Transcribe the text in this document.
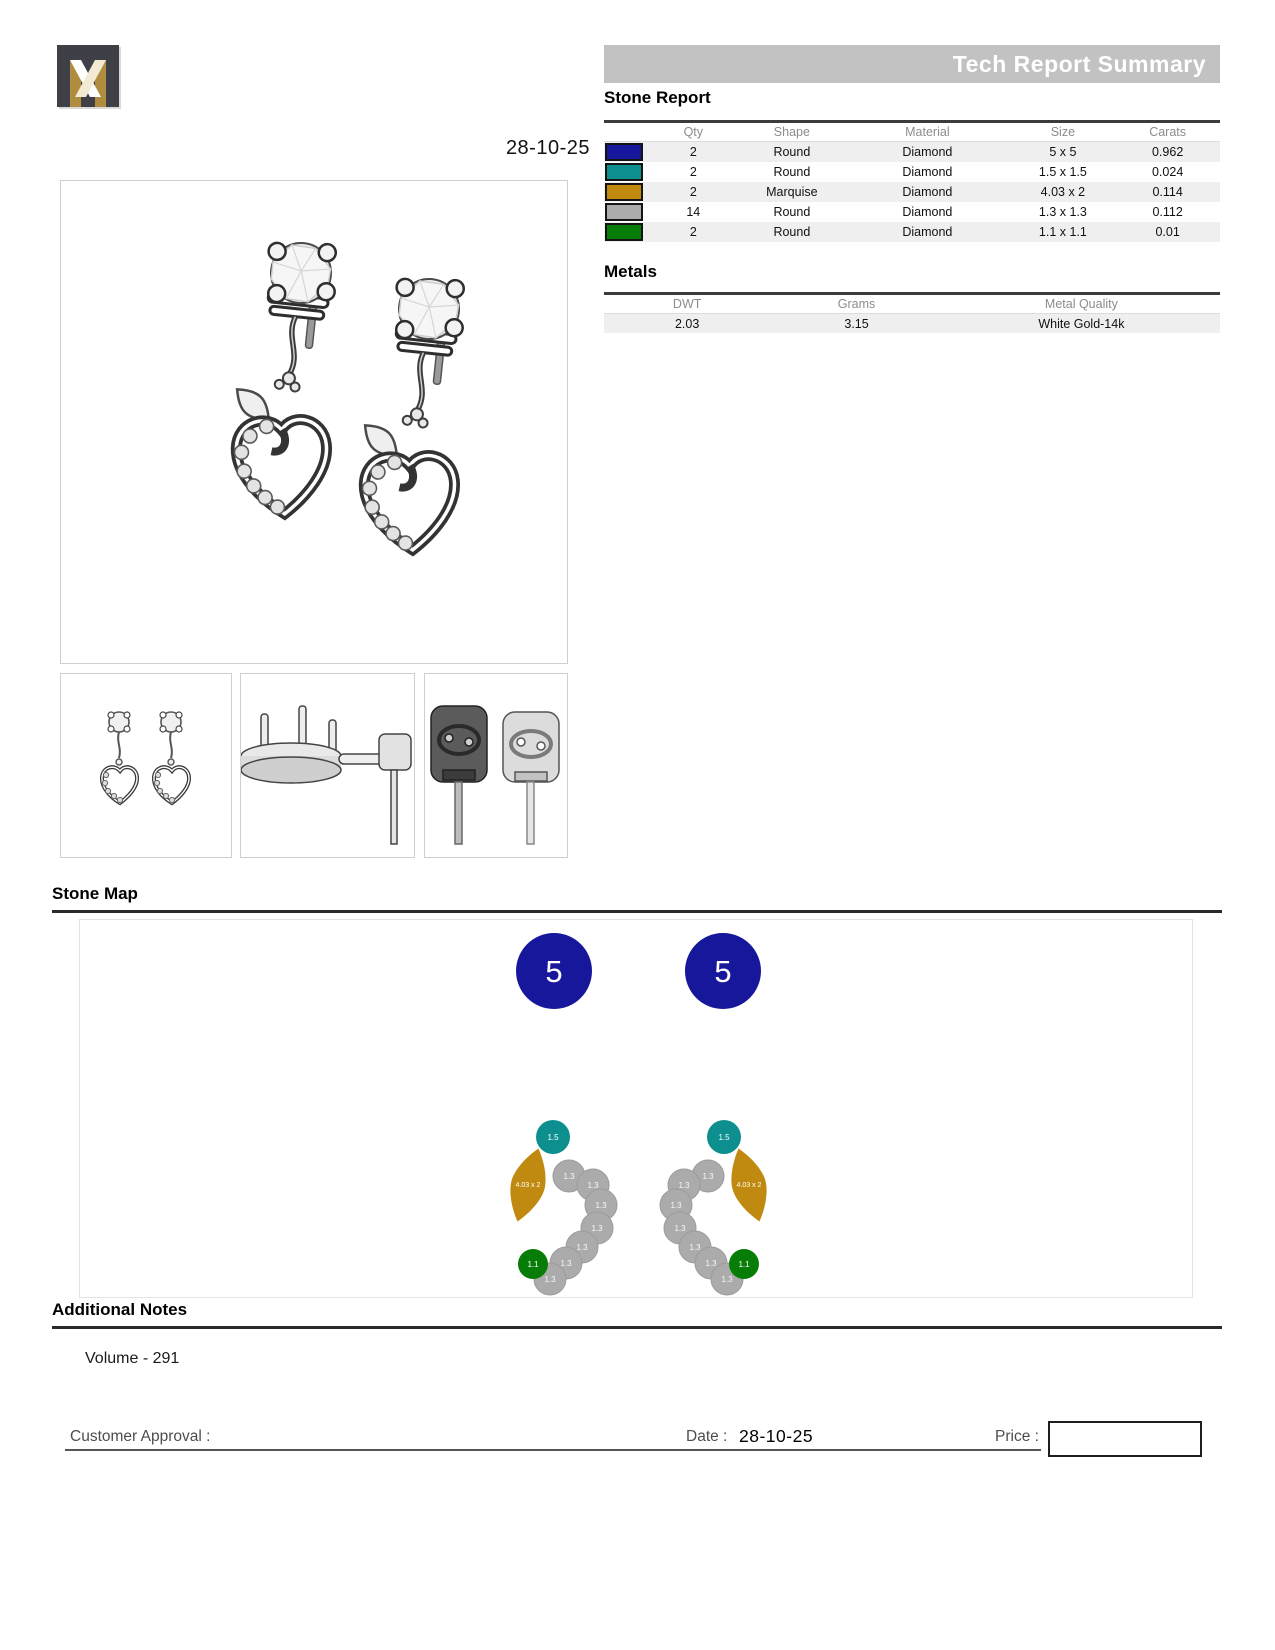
28-10-25
Tech Report Summary
Stone Report
	Qty	Shape	Material	Size	Carats

	2	Round	Diamond	5 x 5	0.962

	2	Round	Diamond	1.5 x 1.5	0.024

	2	Marquise	Diamond	4.03 x 2	0.114

	14	Round	Diamond	1.3 x 1.3	0.112

	2	Round	Diamond	1.1 x 1.1	0.01
Metals
DWT	Grams	Metal Quality
2.03	3.15	White Gold-14k
Stone Map
5
1.5
4.03 x 2
1.3
1.3
1.3
1.3
1.3
1.3
1.3
1.1
5
1.5
4.03 x 2
1.3
1.3
1.3
1.3
1.3
1.3
1.3
1.1
Additional Notes
Volume - 291
Customer Approval :	Date : 28-10-25	Price :
